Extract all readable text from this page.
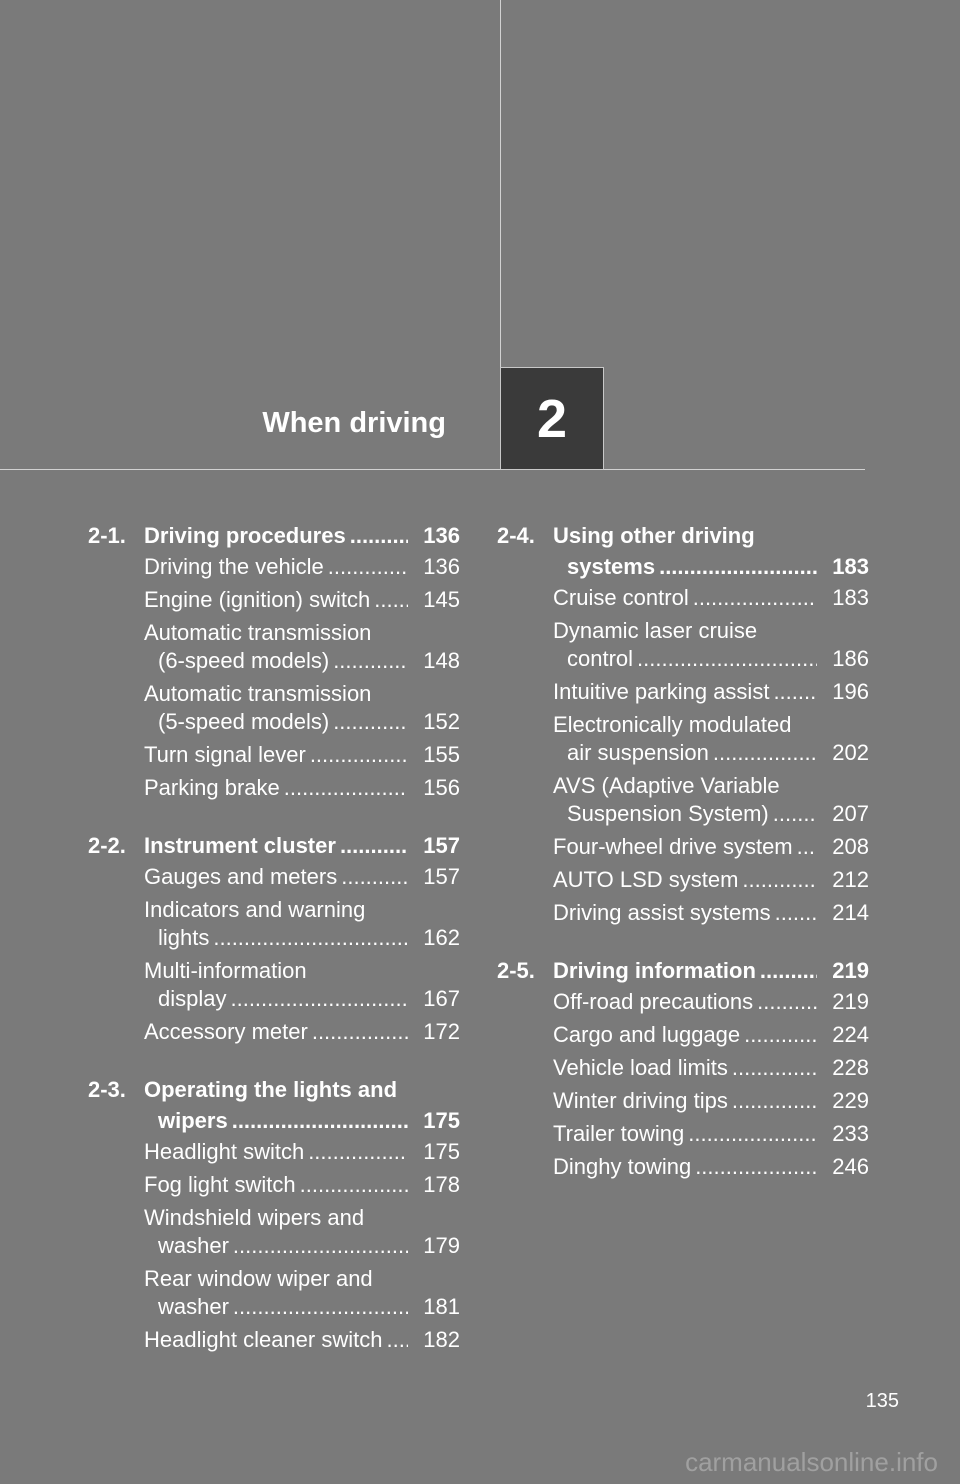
When driving 2
2-1. Driving procedures .....	136
Driving the vehicle .....	136
Engine (ignition) switch .....	145
Automatic transmission
(6-speed models) .....	148
Automatic transmission
(5-speed models) .....	152
Turn signal lever .....	155
Parking brake .....	156
2-2. Instrument cluster .....	157
Gauges and meters .....	157
Indicators and warning
lights .....	162
Multi-information
display .....	167
Accessory meter .....	172
2-3. Operating the lights and
wipers .....	175
Headlight switch .....	175
Fog light switch .....	178
Windshield wipers and
washer .....	179
Rear window wiper and
washer .....	181
Headlight cleaner switch .....	182
2-4. Using other driving
systems .....	183
Cruise control .....	183
Dynamic laser cruise
control .....	186
Intuitive parking assist .....	196
Electronically modulated
air suspension .....	202
AVS (Adaptive Variable
Suspension System) .....	207
Four-wheel drive system .....	208
AUTO LSD system .....	212
Driving assist systems .....	214
2-5. Driving information .....	219
Off-road precautions .....	219
Cargo and luggage .....	224
Vehicle load limits .....	228
Winter driving tips .....	229
Trailer towing .....	233
Dinghy towing .....	246
135
carmanualsonline.info
